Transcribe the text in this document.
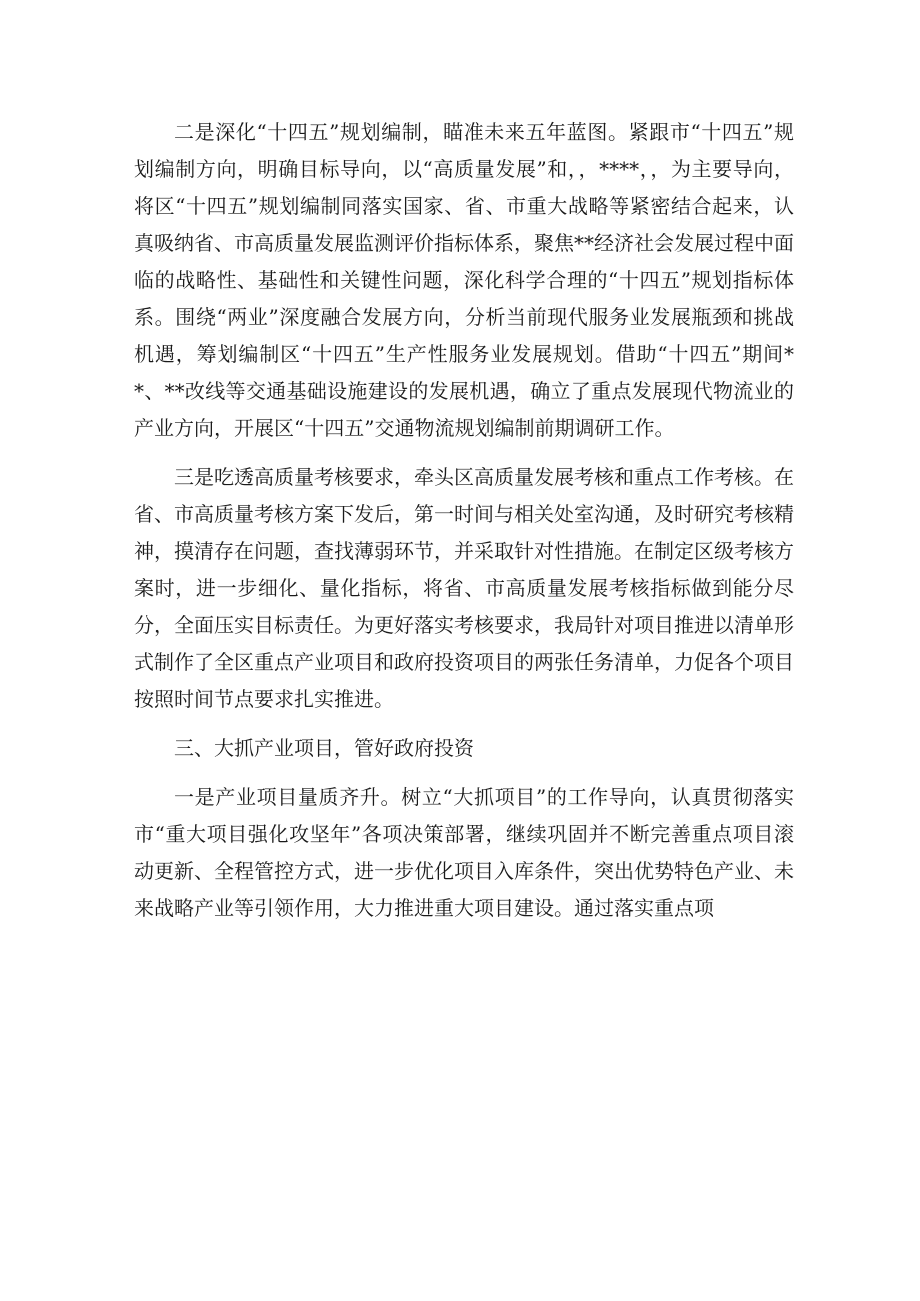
二是深化“十四五”规划编制，瞄准未来五年蓝图。紧跟市“十四五”规划编制方向，明确目标导向，以“高质量发展”和，，****，，为主要导向，将区“十四五”规划编制同落实国家、省、市重大战略等紧密结合起来，认真吸纳省、市高质量发展监测评价指标体系，聚焦**经济社会发展过程中面临的战略性、基础性和关键性问题，深化科学合理的“十四五”规划指标体系。围绕“两业”深度融合发展方向，分析当前现代服务业发展瓶颈和挑战机遇，筹划编制区“十四五”生产性服务业发展规划。借助“十四五”期间**、**改线等交通基础设施建设的发展机遇，确立了重点发展现代物流业的产业方向，开展区“十四五”交通物流规划编制前期调研工作。

三是吃透高质量考核要求，牵头区高质量发展考核和重点工作考核。在省、市高质量考核方案下发后，第一时间与相关处室沟通，及时研究考核精神，摸清存在问题，查找薄弱环节，并采取针对性措施。在制定区级考核方案时，进一步细化、量化指标，将省、市高质量发展考核指标做到能分尽分，全面压实目标责任。为更好落实考核要求，我局针对项目推进以清单形式制作了全区重点产业项目和政府投资项目的两张任务清单，力促各个项目按照时间节点要求扎实推进。

三、大抓产业项目，管好政府投资

一是产业项目量质齐升。树立“大抓项目”的工作导向，认真贯彻落实市“重大项目强化攻坚年”各项决策部署，继续巩固并不断完善重点项目滚动更新、全程管控方式，进一步优化项目入库条件，突出优势特色产业、未来战略产业等引领作用，大力推进重大项目建设。通过落实重点项
